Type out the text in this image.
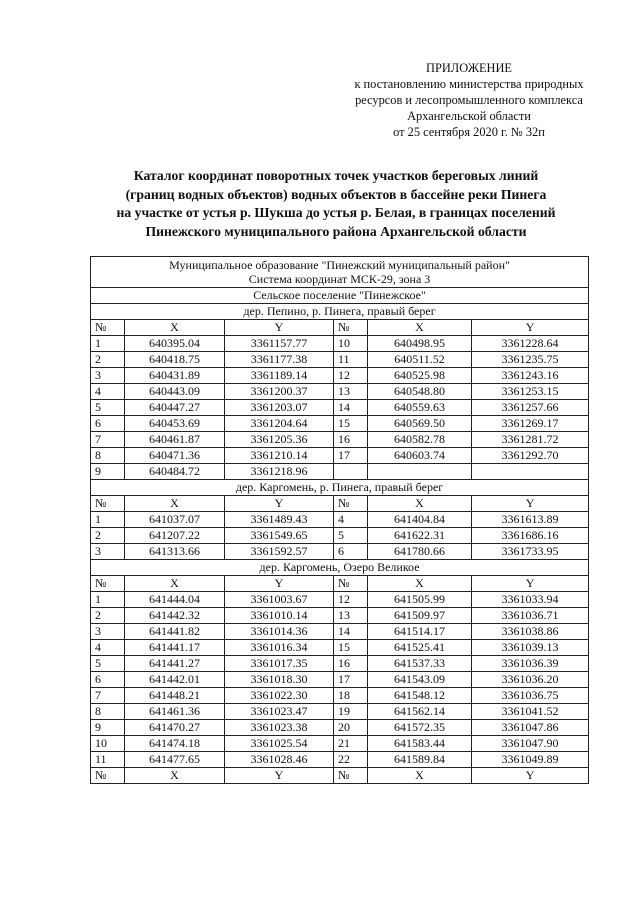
ПРИЛОЖЕНИЕ
к постановлению министерства природных
ресурсов и лесопромышленного комплекса
Архангельской области
от 25 сентября 2020 г. № 32п
Каталог координат поворотных точек участков береговых линий
(границ водных объектов) водных объектов в бассейне реки Пинега
на участке от устья р. Шукша до устья р. Белая, в границах поселений
Пинежского муниципального района Архангельской области
Муниципальное образование "Пинежский муниципальный район"
Система координат МСК-29, зона 3					

Сельское поселение "Пинежское"					
дер. Пепино, р. Пинега, правый берег					
№	X	Y	№	X	Y
1	640395.04	3361157.77	10	640498.95	3361228.64
2	640418.75	3361177.38	11	640511.52	3361235.75
3	640431.89	3361189.14	12	640525.98	3361243.16
4	640443.09	3361200.37	13	640548.80	3361253.15
5	640447.27	3361203.07	14	640559.63	3361257.66
6	640453.69	3361204.64	15	640569.50	3361269.17
7	640461.87	3361205.36	16	640582.78	3361281.72
8	640471.36	3361210.14	17	640603.74	3361292.70
9	640484.72	3361218.96			
дер. Каргомень, р. Пинега, правый берег					
№	X	Y	№	X	Y
1	641037.07	3361489.43	4	641404.84	3361613.89
2	641207.22	3361549.65	5	641622.31	3361686.16
3	641313.66	3361592.57	6	641780.66	3361733.95
дер. Каргомень, Озеро Великое					
№	X	Y	№	X	Y
1	641444.04	3361003.67	12	641505.99	3361033.94
2	641442.32	3361010.14	13	641509.97	3361036.71
3	641441.82	3361014.36	14	641514.17	3361038.86
4	641441.17	3361016.34	15	641525.41	3361039.13
5	641441.27	3361017.35	16	641537.33	3361036.39
6	641442.01	3361018.30	17	641543.09	3361036.20
7	641448.21	3361022.30	18	641548.12	3361036.75
8	641461.36	3361023.47	19	641562.14	3361041.52
9	641470.27	3361023.38	20	641572.35	3361047.86
10	641474.18	3361025.54	21	641583.44	3361047.90
11	641477.65	3361028.46	22	641589.84	3361049.89
№	X	Y	№	X	Y
